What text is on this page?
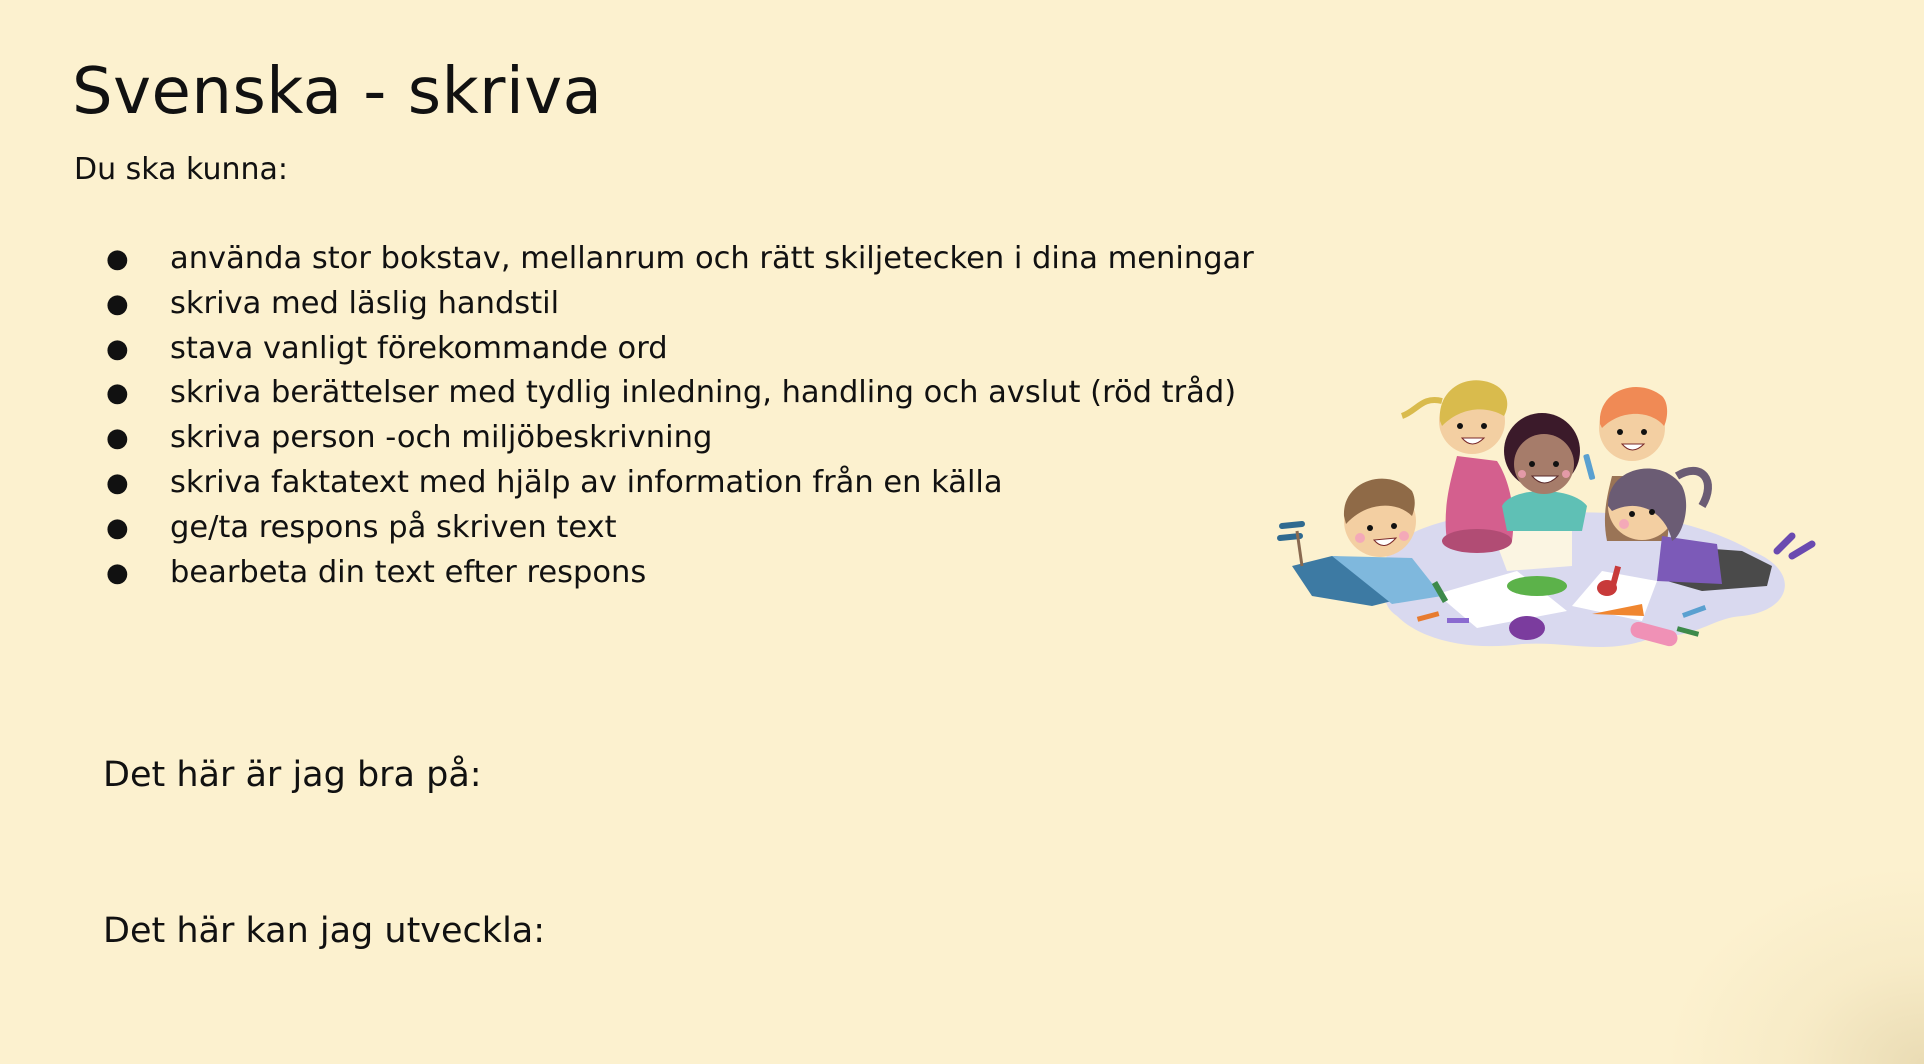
Svenska - skriva
Du ska kunna:
● använda stor bokstav, mellanrum och rätt skiljetecken i dina meningar
● skriva med läslig handstil
● stava vanligt förekommande ord
● skriva berättelser med tydlig inledning, handling och avslut (röd tråd)
● skriva person -och miljöbeskrivning
● skriva faktatext med hjälp av information från en källa
● ge/ta respons på skriven text
● bearbeta din text efter respons
Det här är jag bra på:
Det här kan jag utveckla:
